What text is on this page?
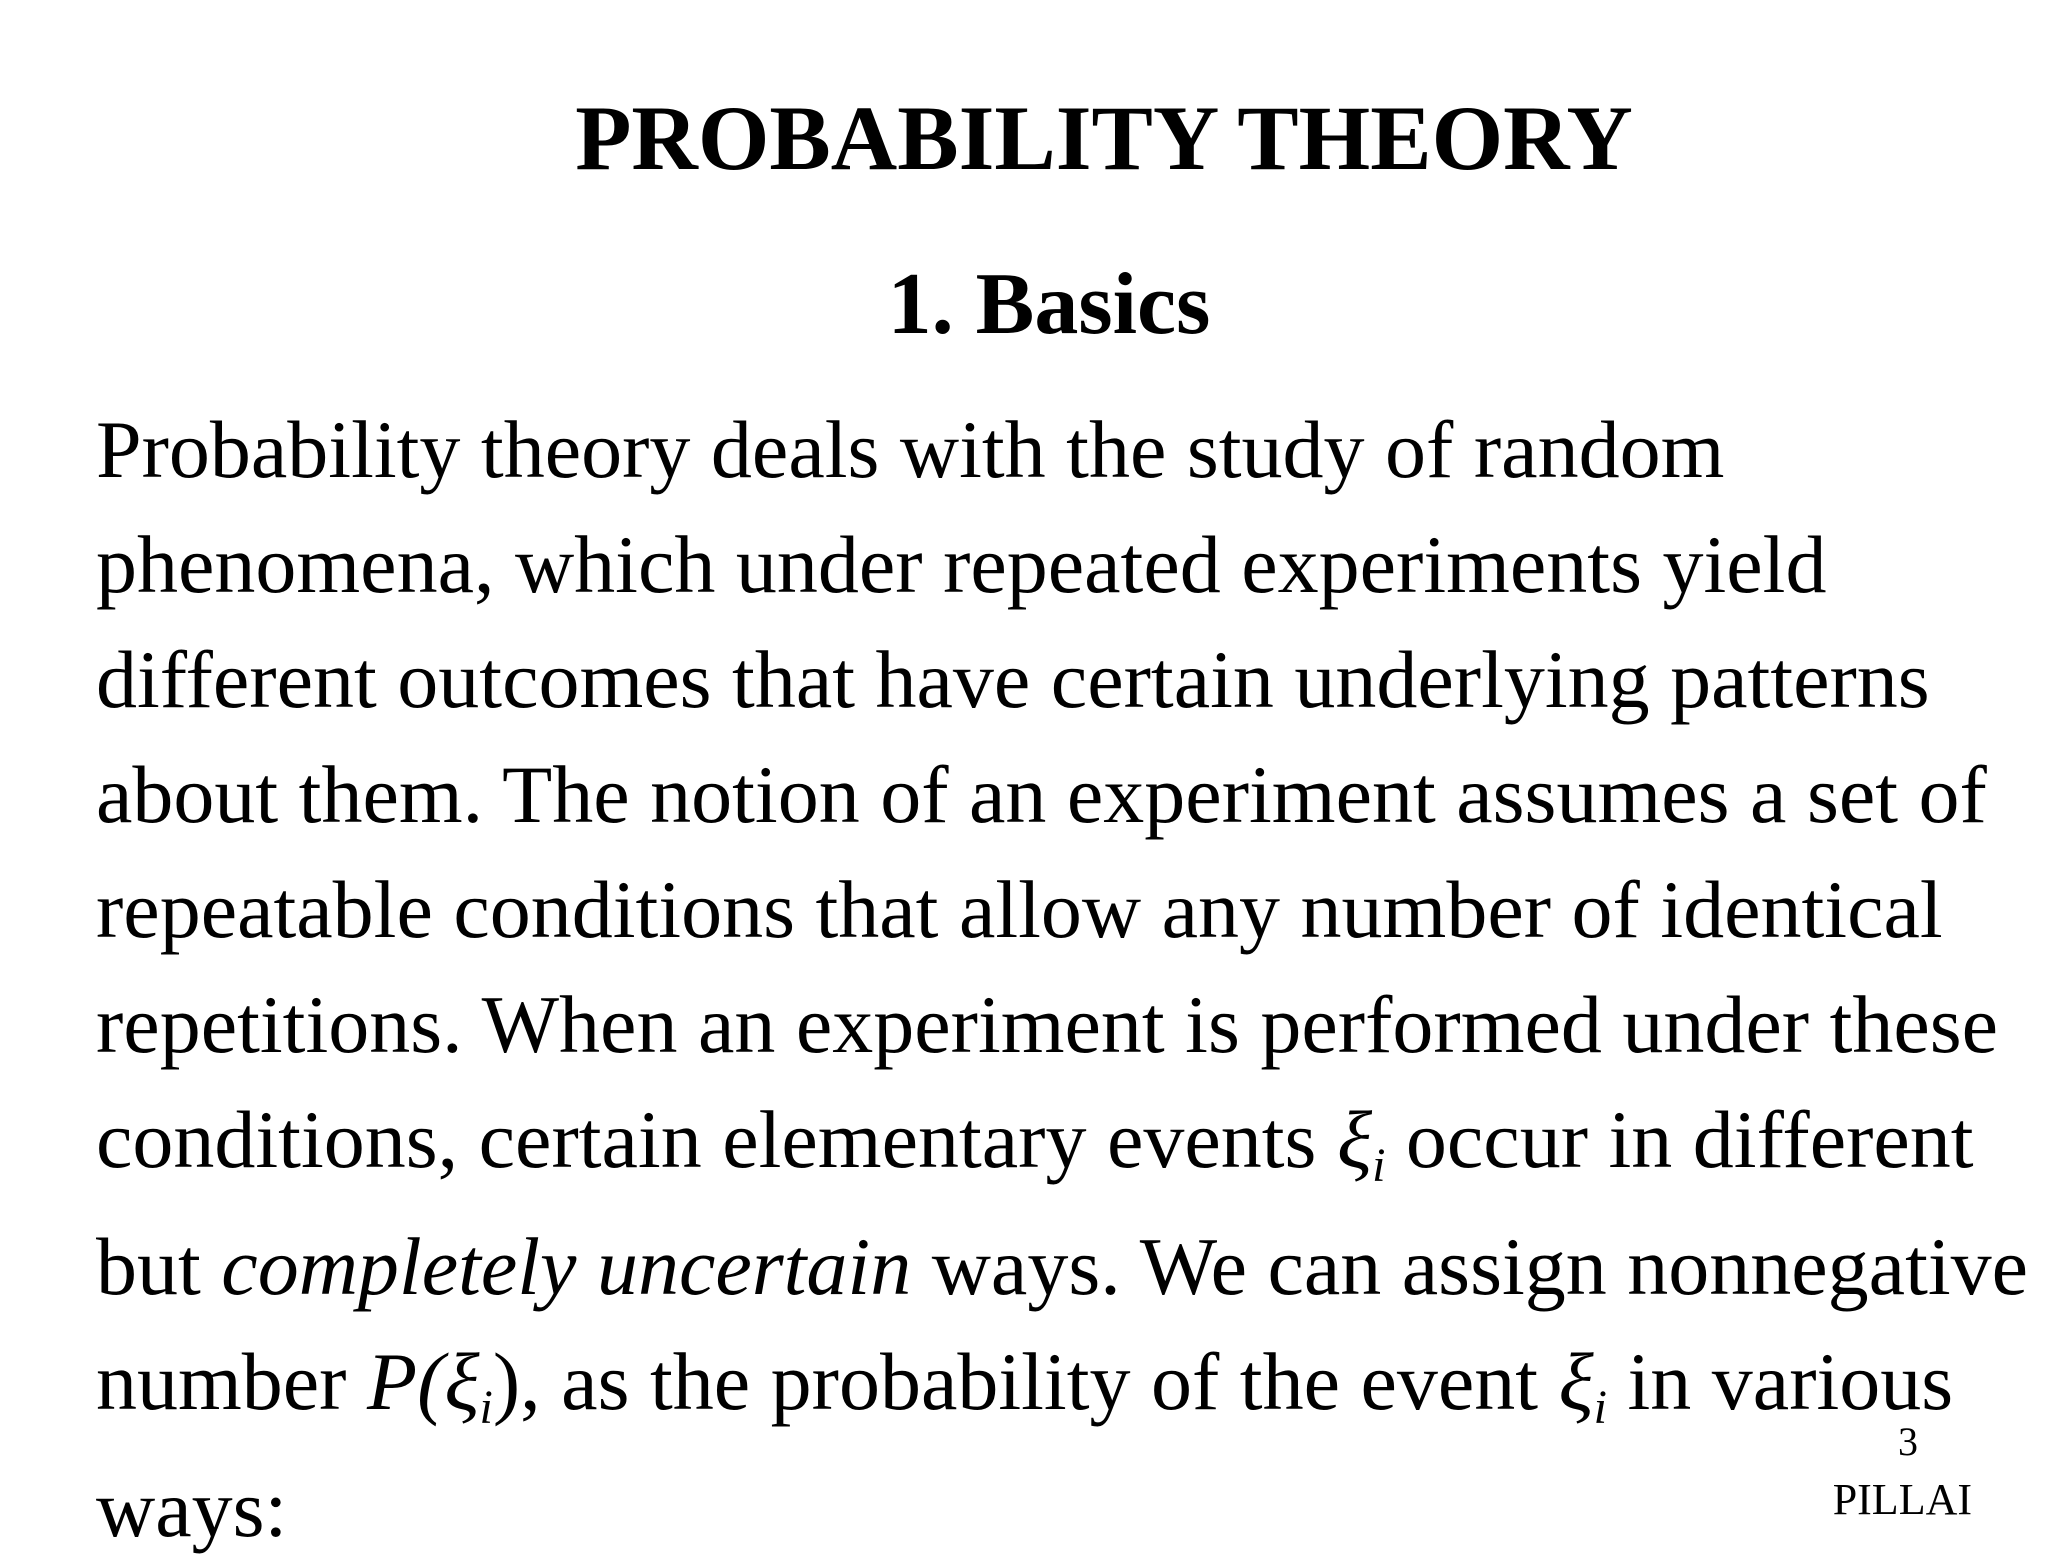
PROBABILITY THEORY
1. Basics
Probability theory deals with the study of random
phenomena, which under repeated experiments yield
different outcomes that have certain underlying patterns
about them. The notion of an experiment assumes a set of
repeatable conditions that allow any number of identical
repetitions. When an experiment is performed under these
conditions, certain elementary events ξi occur in different
but completely uncertain ways. We can assign nonnegative
number P(ξi), as the probability of the event ξi in various
ways:
3
PILLAI
